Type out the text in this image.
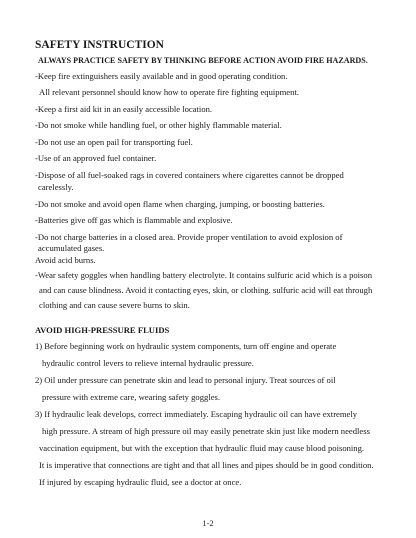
SAFETY INSTRUCTION
ALWAYS PRACTICE SAFETY BY THINKING BEFORE ACTION AVOID FIRE HAZARDS.
-Keep fire extinguishers easily available and in good operating condition.
All relevant personnel should know how to operate fire fighting equipment.
-Keep a first aid kit in an easily accessible location.
-Do not smoke while handling fuel, or other highly flammable material.
-Do not use an open pail for transporting fuel.
-Use of an approved fuel container.
-Dispose of all fuel-soaked rags in covered containers where cigarettes cannot be dropped
carelessly.
-Do not smoke and avoid open flame when charging, jumping, or boosting batteries.
-Batteries give off gas which is flammable and explosive.
-Do not charge batteries in a closed area. Provide proper ventilation to avoid explosion of
accumulated gases.
Avoid acid burns.
-Wear safety goggles when handling battery electrolyte. It contains sulfuric acid which is a poison
and can cause blindness. Avoid it contacting eyes, skin, or clothing. sulfuric acid will eat through
AVOID HIGH-PRESSURE FLUIDS
1) Before beginning work on hydraulic system components, turn off engine and operate
hydraulic control levers to relieve internal hydraulic pressure.
2) Oil under pressure can penetrate skin and lead to personal injury. Treat sources of oil
pressure with extreme care, wearing safety goggles.
3) If hydraulic leak develops, correct immediately. Escaping hydraulic oil can have extremely
high pressure. A stream of high pressure oil may easily penetrate skin just like modern needless
vaccination equipment, but with the exception that hydraulic fluid may cause blood poisoning.
It is imperative that connections are tight and that all lines and pipes should be in good condition.
If injured by escaping hydraulic fluid, see a doctor at once.
1-2
clothing and can cause severe burns to skin.
